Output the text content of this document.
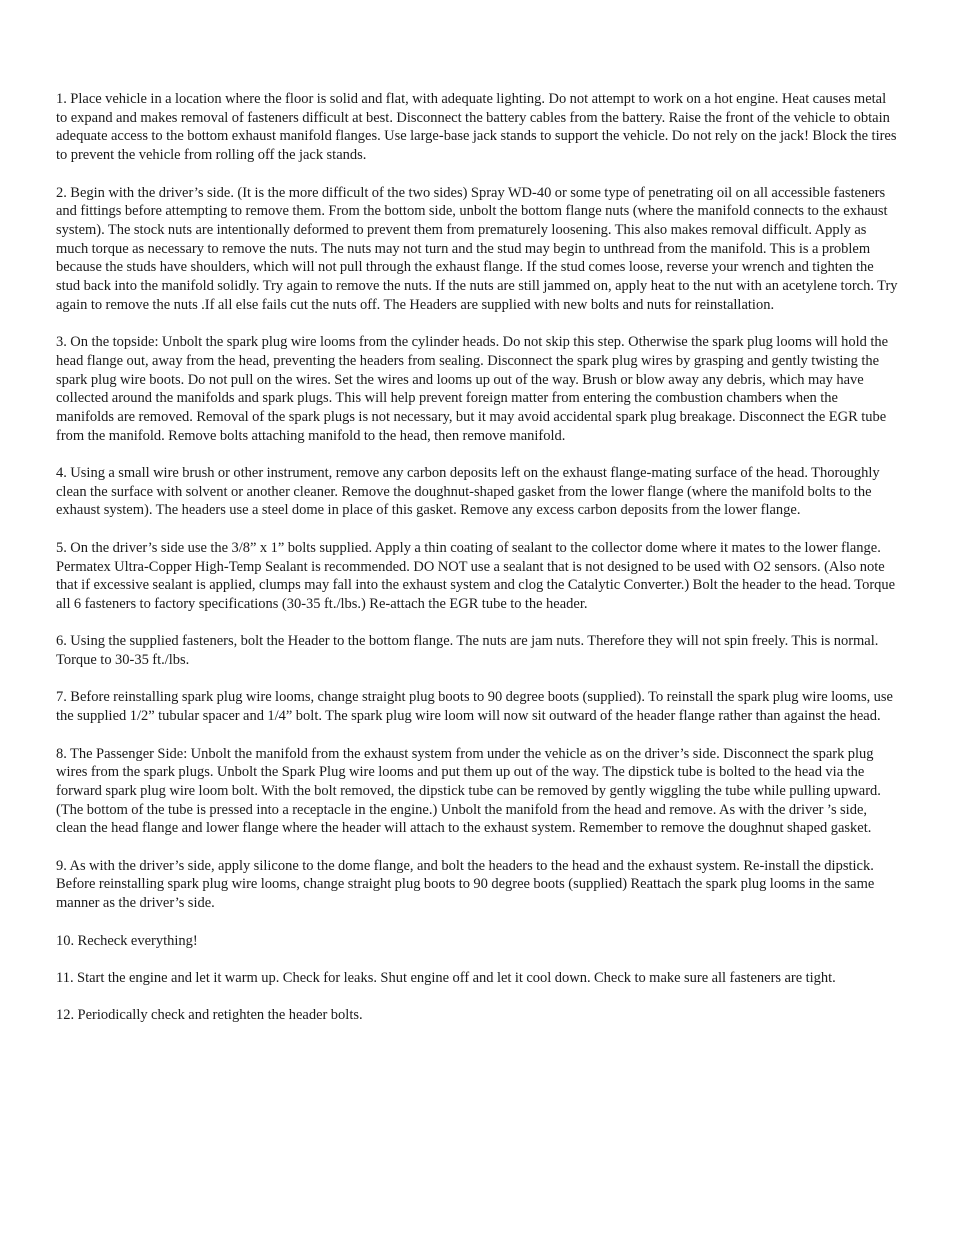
1. Place vehicle in a location where the floor is solid and flat, with adequate lighting. Do not attempt to work on a hot engine. Heat causes metal to expand and makes removal of fasteners difficult at best. Disconnect the battery cables from the battery. Raise the front of the vehicle to obtain adequate access to the bottom exhaust manifold flanges. Use large-base jack stands to support the vehicle. Do not rely on the jack! Block the tires to prevent the vehicle from rolling off the jack stands.

2. Begin with the driver’s side. (It is the more difficult of the two sides) Spray WD-40 or some type of penetrating oil on all accessible fasteners and fittings before attempting to remove them. From the bottom side, unbolt the bottom flange nuts (where the manifold connects to the exhaust system). The stock nuts are intentionally deformed to prevent them from prematurely loosening. This also makes removal difficult. Apply as much torque as necessary to remove the nuts. The nuts may not turn and the stud may begin to unthread from the manifold. This is a problem because the studs have shoulders, which will not pull through the exhaust flange. If the stud comes loose, reverse your wrench and tighten the stud back into the manifold solidly. Try again to remove the nuts. If the nuts are still jammed on, apply heat to the nut with an acetylene torch. Try again to remove the nuts .If all else fails cut the nuts off. The Headers are supplied with new bolts and nuts for reinstallation.

3. On the topside: Unbolt the spark plug wire looms from the cylinder heads. Do not skip this step. Otherwise the spark plug looms will hold the head flange out, away from the head, preventing the headers from sealing. Disconnect the spark plug wires by grasping and gently twisting the spark plug wire boots. Do not pull on the wires. Set the wires and looms up out of the way. Brush or blow away any debris, which may have collected around the manifolds and spark plugs. This will help prevent foreign matter from entering the combustion chambers when the manifolds are removed. Removal of the spark plugs is not necessary, but it may avoid accidental spark plug breakage. Disconnect the EGR tube from the manifold. Remove bolts attaching manifold to the head, then remove manifold.

4. Using a small wire brush or other instrument, remove any carbon deposits left on the exhaust flange-mating surface of the head. Thoroughly clean the surface with solvent or another cleaner. Remove the doughnut-shaped gasket from the lower flange (where the manifold bolts to the exhaust system). The headers use a steel dome in place of this gasket. Remove any excess carbon deposits from the lower flange.

5. On the driver’s side use the 3/8” x 1” bolts supplied. Apply a thin coating of sealant to the collector dome where it mates to the lower flange. Permatex Ultra-Copper High-Temp Sealant is recommended. DO NOT use a sealant that is not designed to be used with O2 sensors. (Also note that if excessive sealant is applied, clumps may fall into the exhaust system and clog the Catalytic Converter.) Bolt the header to the head. Torque all 6 fasteners to factory specifications (30-35 ft./lbs.) Re-attach the EGR tube to the header.

6. Using the supplied fasteners, bolt the Header to the bottom flange. The nuts are jam nuts. Therefore they will not spin freely. This is normal. Torque to 30-35 ft./lbs.

7. Before reinstalling spark plug wire looms, change straight plug boots to 90 degree boots (supplied). To reinstall the spark plug wire looms, use the supplied 1/2” tubular spacer and 1/4” bolt. The spark plug wire loom will now sit outward of the header flange rather than against the head.

8. The Passenger Side: Unbolt the manifold from the exhaust system from under the vehicle as on the driver’s side. Disconnect the spark plug wires from the spark plugs. Unbolt the Spark Plug wire looms and put them up out of the way. The dipstick tube is bolted to the head via the forward spark plug wire loom bolt. With the bolt removed, the dipstick tube can be removed by gently wiggling the tube while pulling upward. (The bottom of the tube is pressed into a receptacle in the engine.) Unbolt the manifold from the head and remove. As with the driver ’s side, clean the head flange and lower flange where the header will attach to the exhaust system. Remember to remove the doughnut shaped gasket.

9. As with the driver’s side, apply silicone to the dome flange, and bolt the headers to the head and the exhaust system. Re-install the dipstick. Before reinstalling spark plug wire looms, change straight plug boots to 90 degree boots (supplied) Reattach the spark plug looms in the same manner as the driver’s side.

10. Recheck everything!

11. Start the engine and let it warm up. Check for leaks. Shut engine off and let it cool down. Check to make sure all fasteners are tight.

12. Periodically check and retighten the header bolts.
